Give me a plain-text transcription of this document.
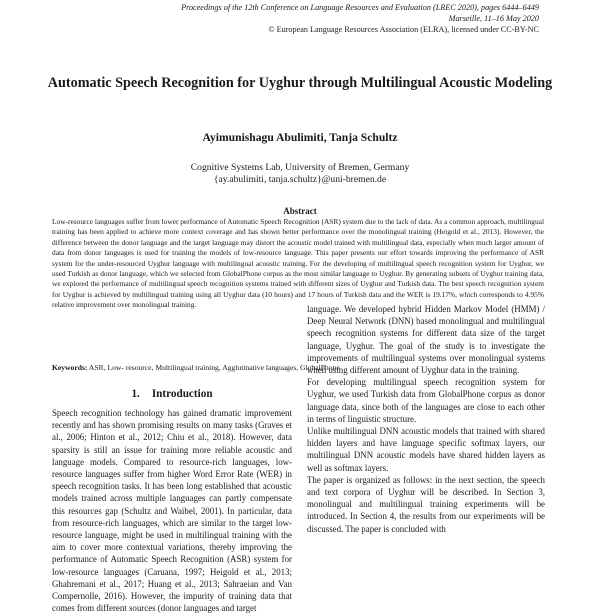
Proceedings of the 12th Conference on Language Resources and Evaluation (LREC 2020), pages 6444–6449
Marseille, 11–16 May 2020
© European Language Resources Association (ELRA), licensed under CC-BY-NC
Automatic Speech Recognition for Uyghur through Multilingual Acoustic Modeling
Ayimunishagu Abulimiti, Tanja Schultz
Cognitive Systems Lab, University of Bremen, Germany
{ay.abulimiti, tanja.schultz}@uni-bremen.de
Abstract

Low-resource languages suffer from lower performance of Automatic Speech Recognition (ASR) system due to the lack of data. As a common approach, multilingual training has been applied to achieve more context coverage and has shown better performance over the monolingual training (Heigold et al., 2013). However, the difference between the donor language and the target language may distort the acoustic model trained with multilingual data, especially when much larger amount of data from donor languages is used for training the models of low-resource language. This paper presents our effort towards improving the performance of ASR system for the under-resourced Uyghur language with multilingual acoustic training. For the developing of multilingual speech recognition system for Uyghur, we used Turkish as donor language, which we selected from GlobalPhone corpus as the most similar language to Uyghur. By generating subsets of Uyghur training data, we explored the performance of multilingual speech recognition systems trained with different sizes of Uyghur and Turkish data. The best speech recognition system for Uyghur is achieved by multilingual training using all Uyghur data (10 hours) and 17 hours of Turkish data and the WER is 19.17%, which corresponds to 4.95% relative improvement over monolingual training.

Keywords: ASR, Low- resource, Multilingual training, Agglutinative languages, GlobalPhone
1. Introduction

Speech recognition technology has gained dramatic improvement recently and has shown promising results on many tasks (Graves et al., 2006; Hinton et al., 2012; Chiu et al., 2018). However, data sparsity is still an issue for training more reliable acoustic and language models. Compared to resource-rich languages, low-resource languages suffer from higher Word Error Rate (WER) in speech recognition tasks. It has been long established that acoustic models trained across multiple languages can partly compensate this resources gap (Schultz and Waibel, 2001). In particular, data from resource-rich languages, which are similar to the target low-resource language, might be used in multilingual training with the aim to cover more contextual variations, thereby improving the performance of Automatic Speech Recognition (ASR) system for low-resource languages (Caruana, 1997; Heigold et al., 2013; Ghahremani et al., 2017; Huang et al., 2013; Sahraeian and Van Compernolle, 2016). However, the impurity of training data that comes from different sources (donor languages and target

language. We developed hybrid Hidden Markov Model (HMM) / Deep Neural Network (DNN) based monolingual and multilingual speech recognition systems for different data size of the target language, Uyghur. The goal of the study is to investigate the improvements of multilingual systems over monolingual systems when using different amount of Uyghur data in the training.

For developing multilingual speech recognition system for Uyghur, we used Turkish data from GlobalPhone corpus as donor language data, since both of the languages are close to each other in terms of linguistic structure.

Unlike multilingual DNN acoustic models that trained with shared hidden layers and have language specific softmax layers, our multilingual DNN acoustic models have shared hidden layers as well as softmax layers.

The paper is organized as follows: in the next section, the speech and text corpora of Uyghur will be described. In Section 3, monolingual and multilingual training experiments will be introduced. In Section 4, the results from our experiments will be discussed. The paper is concluded with
